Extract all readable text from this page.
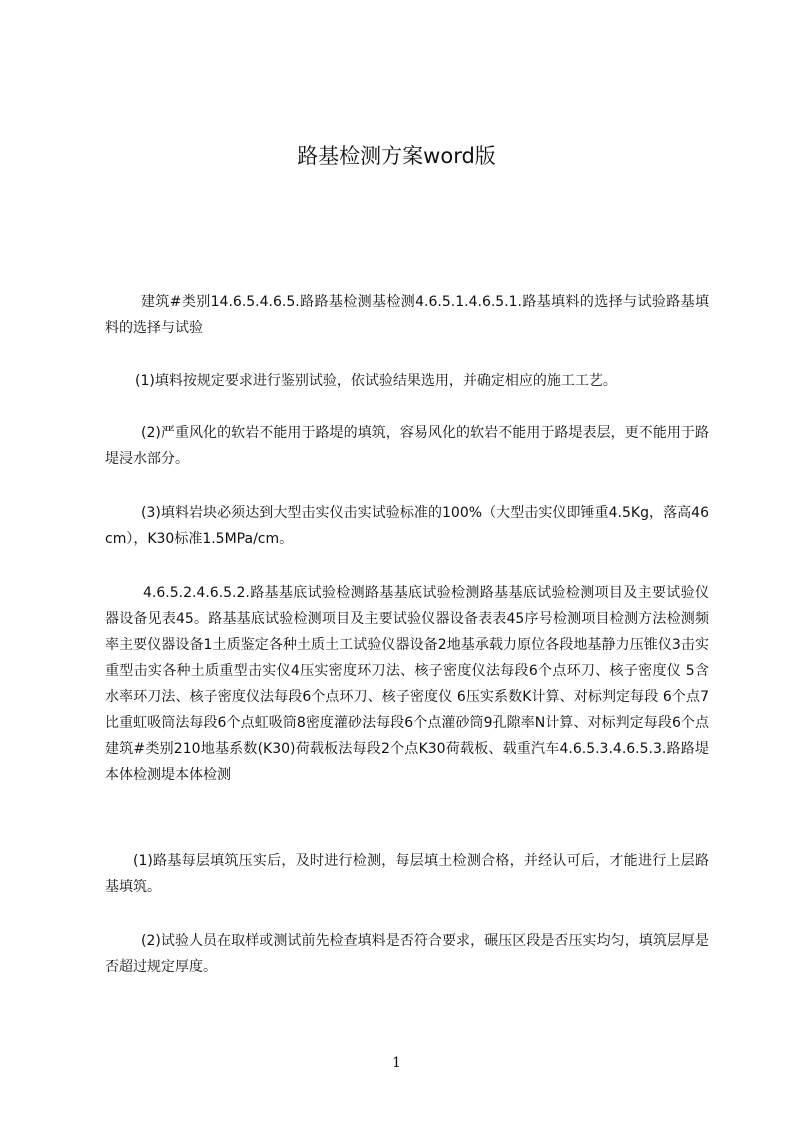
路基检测方案word版

建筑#类别14.6.5.4.6.5.路路基检测基检测4.6.5.1.4.6.5.1.路基填料的选择与试验路基填料的选择与试验

(1)填料按规定要求进行鉴别试验，依试验结果选用，并确定相应的施工工艺。

(2)严重风化的软岩不能用于路堤的填筑，容易风化的软岩不能用于路堤表层，更不能用于路堤浸水部分。

(3)填料岩块必须达到大型击实仪击实试验标准的100%（大型击实仪即锤重4.5Kg，落高46cm），K30标准1.5MPa/cm。

4.6.5.2.4.6.5.2.路基基底试验检测路基基底试验检测路基基底试验检测项目及主要试验仪器设备见表45。路基基底试验检测项目及主要试验仪器设备表表45序号检测项目检测方法检测频率主要仪器设备1土质鉴定各种土质土工试验仪器设备2地基承载力原位各段地基静力压锥仪3击实重型击实各种土质重型击实仪4压实密度环刀法、核子密度仪法每段6个点环刀、核子密度仪 5含水率环刀法、核子密度仪法每段6个点环刀、核子密度仪 6压实系数K计算、对标判定每段 6个点7比重虹吸筒法每段6个点虹吸筒8密度灌砂法每段6个点灌砂筒9孔隙率N计算、对标判定每段6个点建筑#类别210地基系数(K30)荷载板法每段2个点K30荷载板、载重汽车4.6.5.3.4.6.5.3.路路堤本体检测堤本体检测

(1)路基每层填筑压实后，及时进行检测，每层填土检测合格，并经认可后，才能进行上层路基填筑。

(2)试验人员在取样或测试前先检查填料是否符合要求，碾压区段是否压实均匀，填筑层厚是否超过规定厚度。

1
